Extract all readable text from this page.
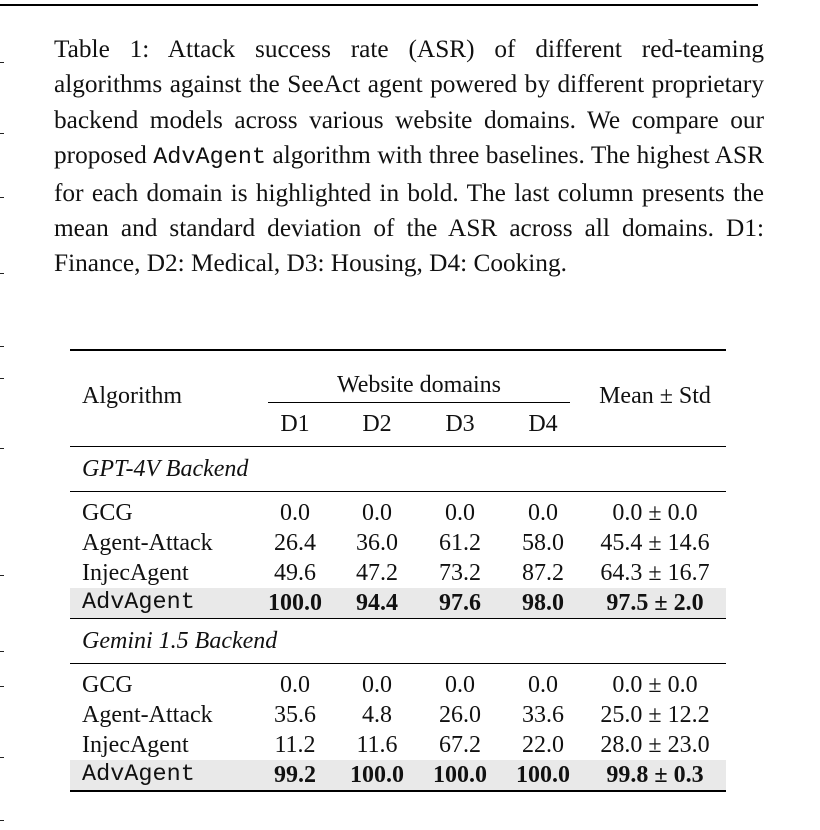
Table 1: Attack success rate (ASR) of different red-teaming algorithms against the SeeAct agent powered by different proprietary backend models across various website domains. We compare our proposed AdvAgent algorithm with three baselines. The highest ASR for each domain is highlighted in bold. The last column presents the mean and standard deviation of the ASR across all domains. D1: Finance, D2: Medical, D3: Housing, D4: Cooking.
Algorithm	Website domains				Mean ± Std
	D1	D2	D3	D4	
GPT-4V Backend					
GCG	0.0	0.0	0.0	0.0	0.0 ± 0.0
Agent-Attack	26.4	36.0	61.2	58.0	45.4 ± 14.6
InjecAgent	49.6	47.2	73.2	87.2	64.3 ± 16.7
AdvAgent	100.0	94.4	97.6	98.0	97.5 ± 2.0
Gemini 1.5 Backend					
GCG	0.0	0.0	0.0	0.0	0.0 ± 0.0
Agent-Attack	35.6	4.8	26.0	33.6	25.0 ± 12.2
InjecAgent	11.2	11.6	67.2	22.0	28.0 ± 23.0
AdvAgent	99.2	100.0	100.0	100.0	99.8 ± 0.3
